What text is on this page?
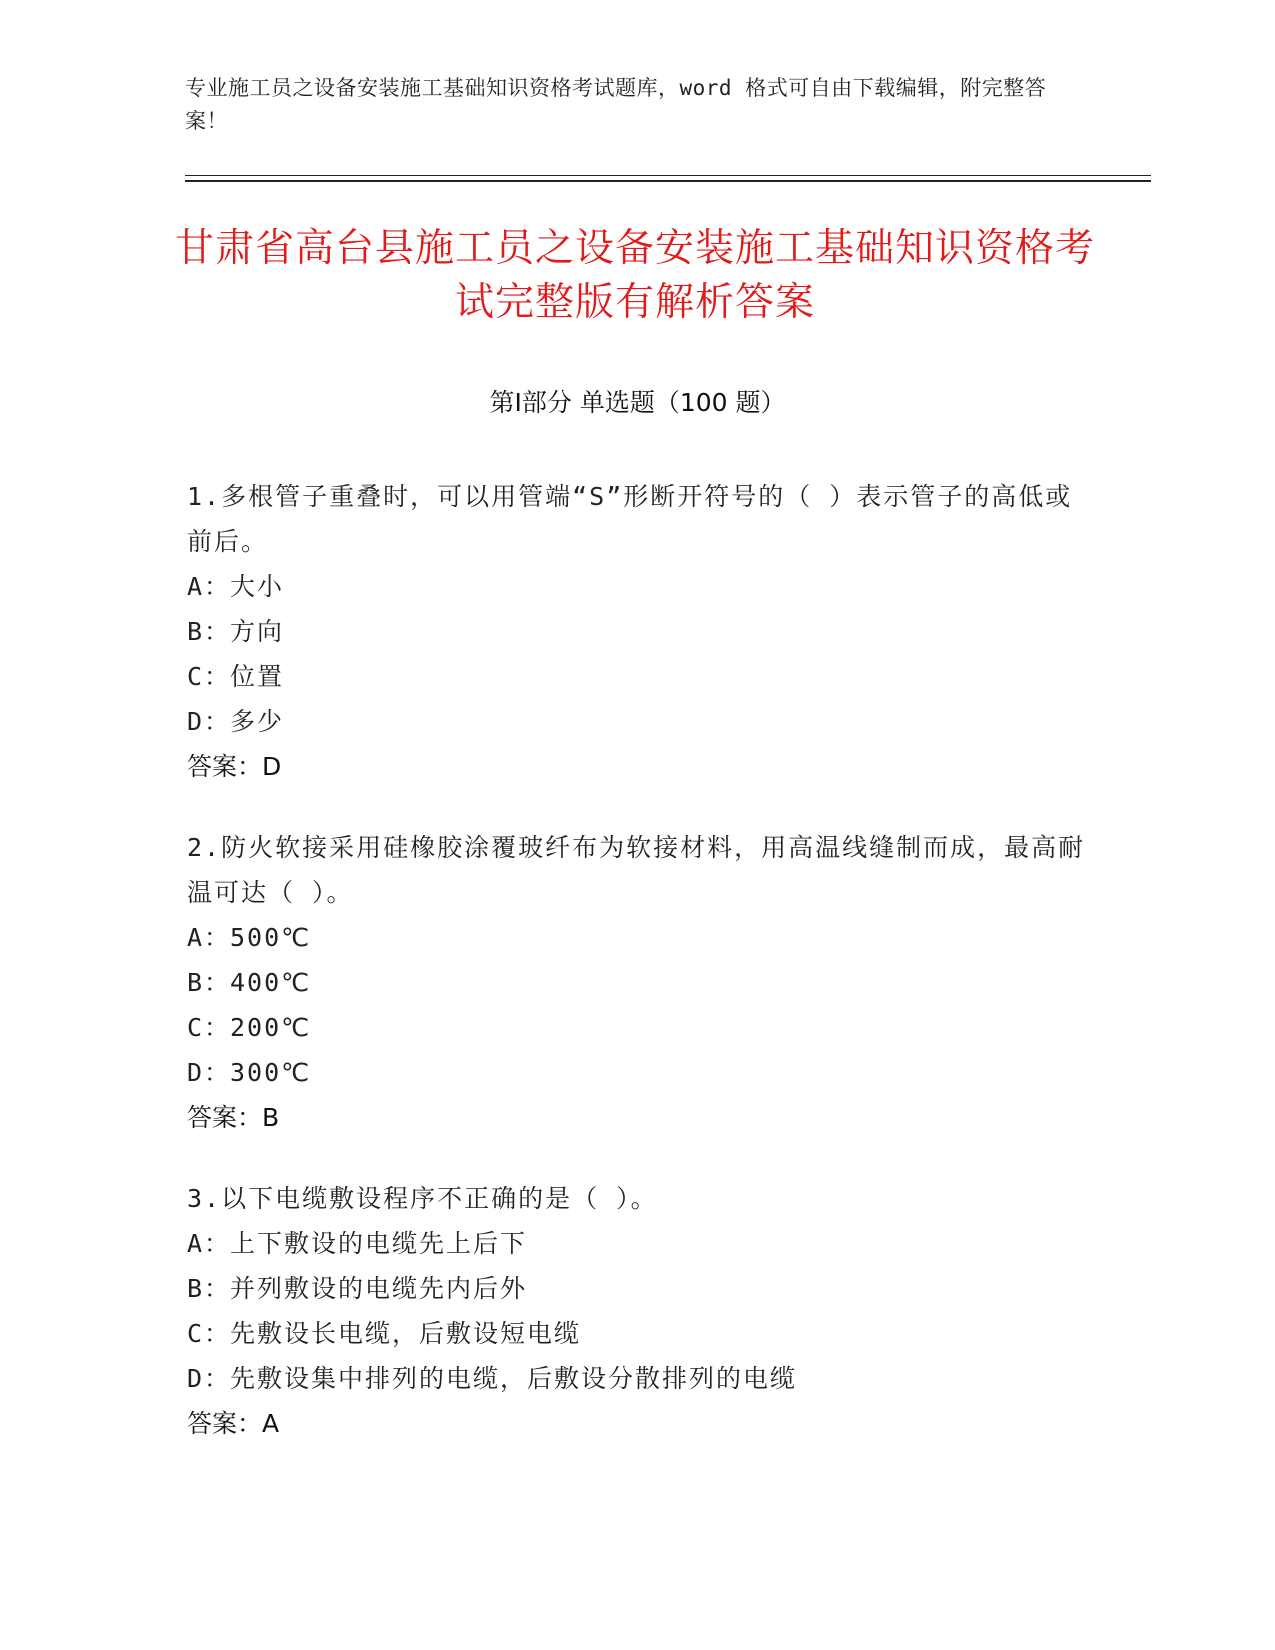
专业施工员之设备安装施工基础知识资格考试题库，word 格式可自由下载编辑，附完整答案！
甘肃省高台县施工员之设备安装施工基础知识资格考试完整版有解析答案
第Ⅰ部分 单选题（100 题）
1.多根管子重叠时，可以用管端“S”形断开符号的（ ）表示管子的高低或前后。
A：
大小
B：
方向
C：
位置
D：
多少
答案：D
2.防火软接采用硅橡胶涂覆玻纤布为软接材料，用高温线缝制而成，最高耐温可达（ ）。
A：
500℃
B：
400℃
C：
200℃
D：
300℃
答案：B
3.以下电缆敷设程序不正确的是（ ）。
A：
上下敷设的电缆先上后下
B：
并列敷设的电缆先内后外
C：
先敷设长电缆，后敷设短电缆
D：
先敷设集中排列的电缆，后敷设分散排列的电缆
答案：A
